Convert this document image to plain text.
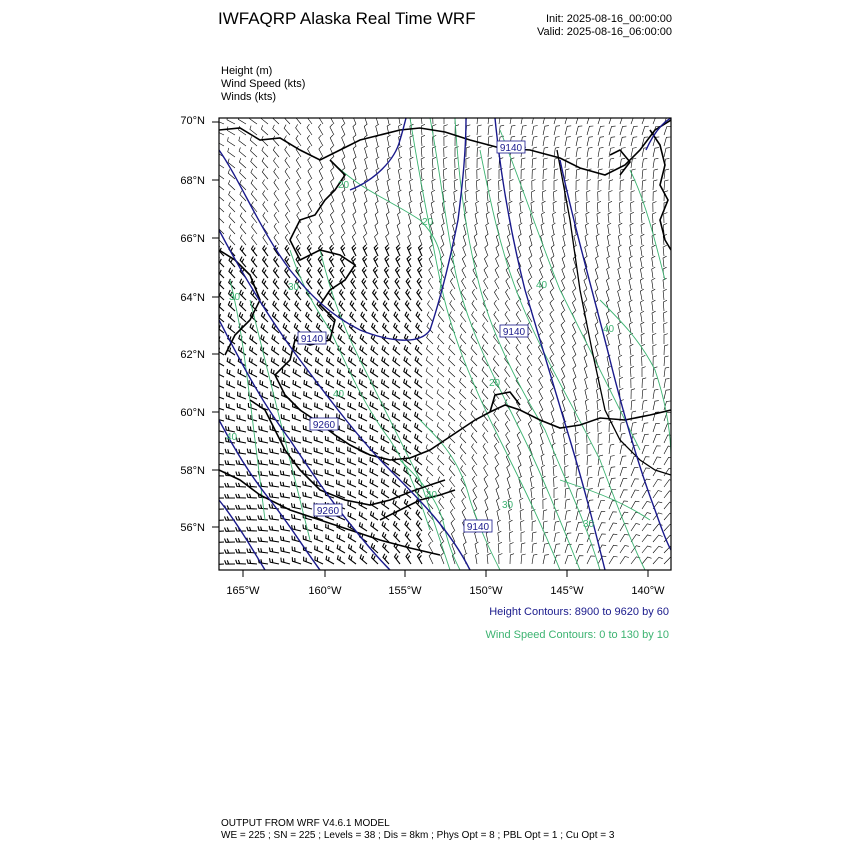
IWFAQRP Alaska Real Time WRF	Init: 2025-08-16_00:00:00
Valid: 2025-08-16_06:00:00
Height (m)
Wind Speed (kts)
Winds (kts)
9140
9140
9140
9260
9260
9140
20
20
30	40
30
40
20
40
40
30
40
30
70°N
68°N
66°N
64°N
62°N
60°N
58°N
56°N
165°W	160°W	155°W	150°W	145°W	140°W
Height Contours: 8900 to 9620 by 60
Wind Speed Contours: 0 to 130 by 10
OUTPUT FROM WRF V4.6.1 MODEL
WE = 225 ; SN = 225 ; Levels = 38 ; Dis = 8km ; Phys Opt = 8 ; PBL Opt = 1 ; Cu Opt = 3
